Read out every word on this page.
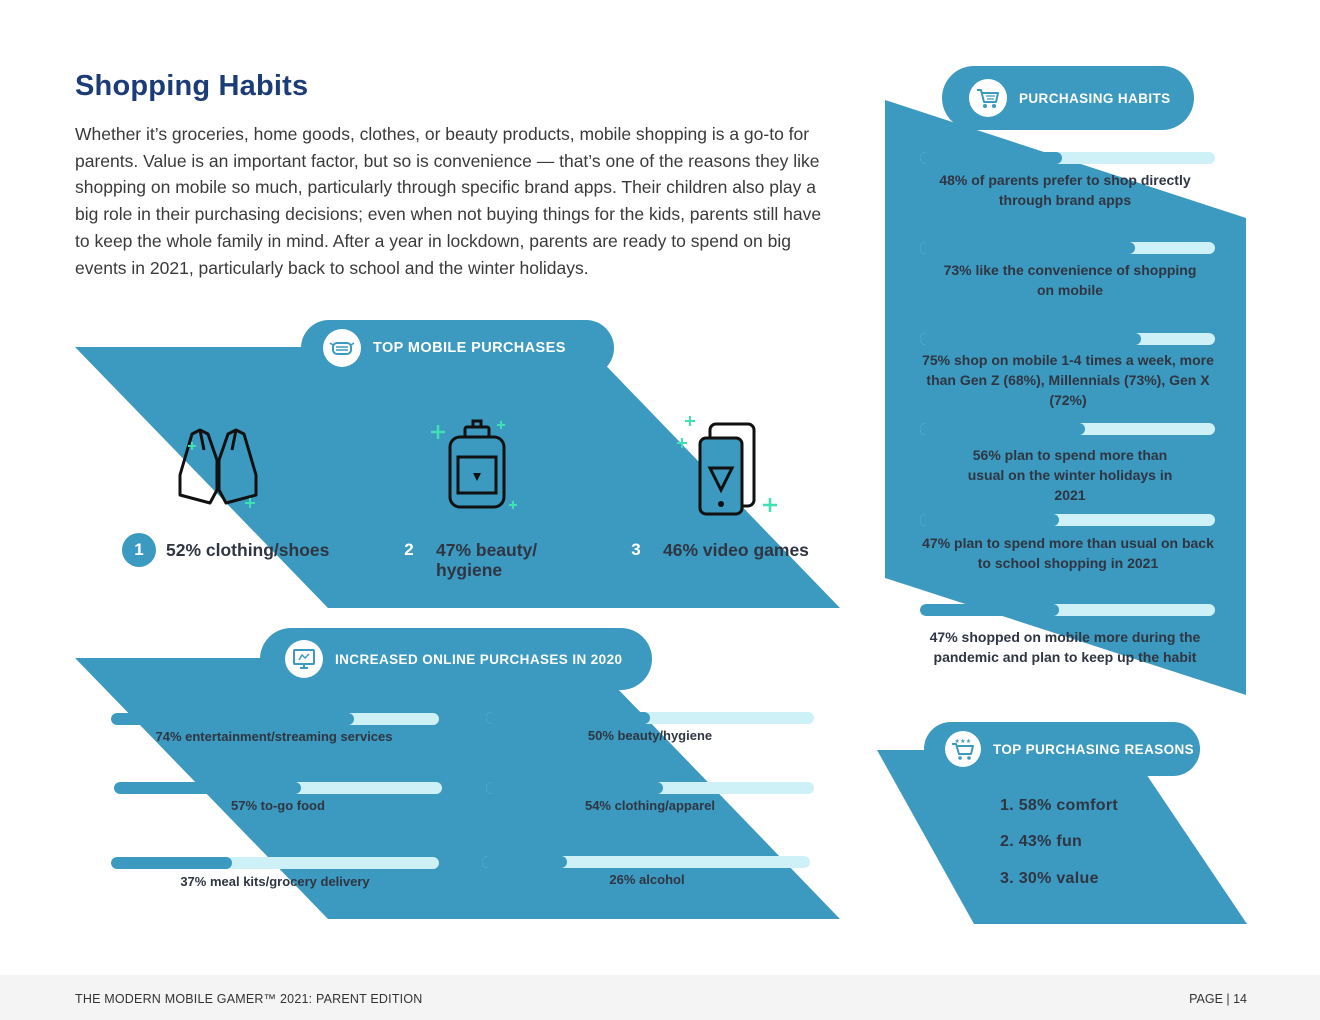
Shopping Habits
Whether it’s groceries, home goods, clothes, or beauty products, mobile shopping is a go-to for parents. Value is an important factor, but so is convenience — that’s one of the reasons they like shopping on mobile so much, particularly through specific brand apps. Their children also play a big role in their purchasing decisions; even when not buying things for the kids, parents still have to keep the whole family in mind. After a year in lockdown, parents are ready to spend on big events in 2021, particularly back to school and the winter holidays.
TOP MOBILE PURCHASES
1	52% clothing/shoes	2	47% beauty/ hygiene
3	46% video games
INCREASED ONLINE PURCHASES IN 2020
74% entertainment/streaming services
57% to-go food
37% meal kits/grocery delivery
50% beauty/hygiene
54% clothing/apparel
26% alcohol
PURCHASING HABITS
48% of parents prefer to shop directly through brand apps
73% like the convenience of shopping on mobile
75% shop on mobile 1-4 times a week, more than Gen Z (68%), Millennials (73%), Gen X (72%)
56% plan to spend more than usual on the winter holidays in 2021
47% plan to spend more than usual on back to school shopping in 2021
47% shopped on mobile more during the pandemic and plan to keep up the habit
★★★ TOP PURCHASING REASONS
1. 58% comfort
2. 43% fun
3. 30% value
THE MODERN MOBILE GAMER™ 2021: PARENT EDITION	PAGE | 14
